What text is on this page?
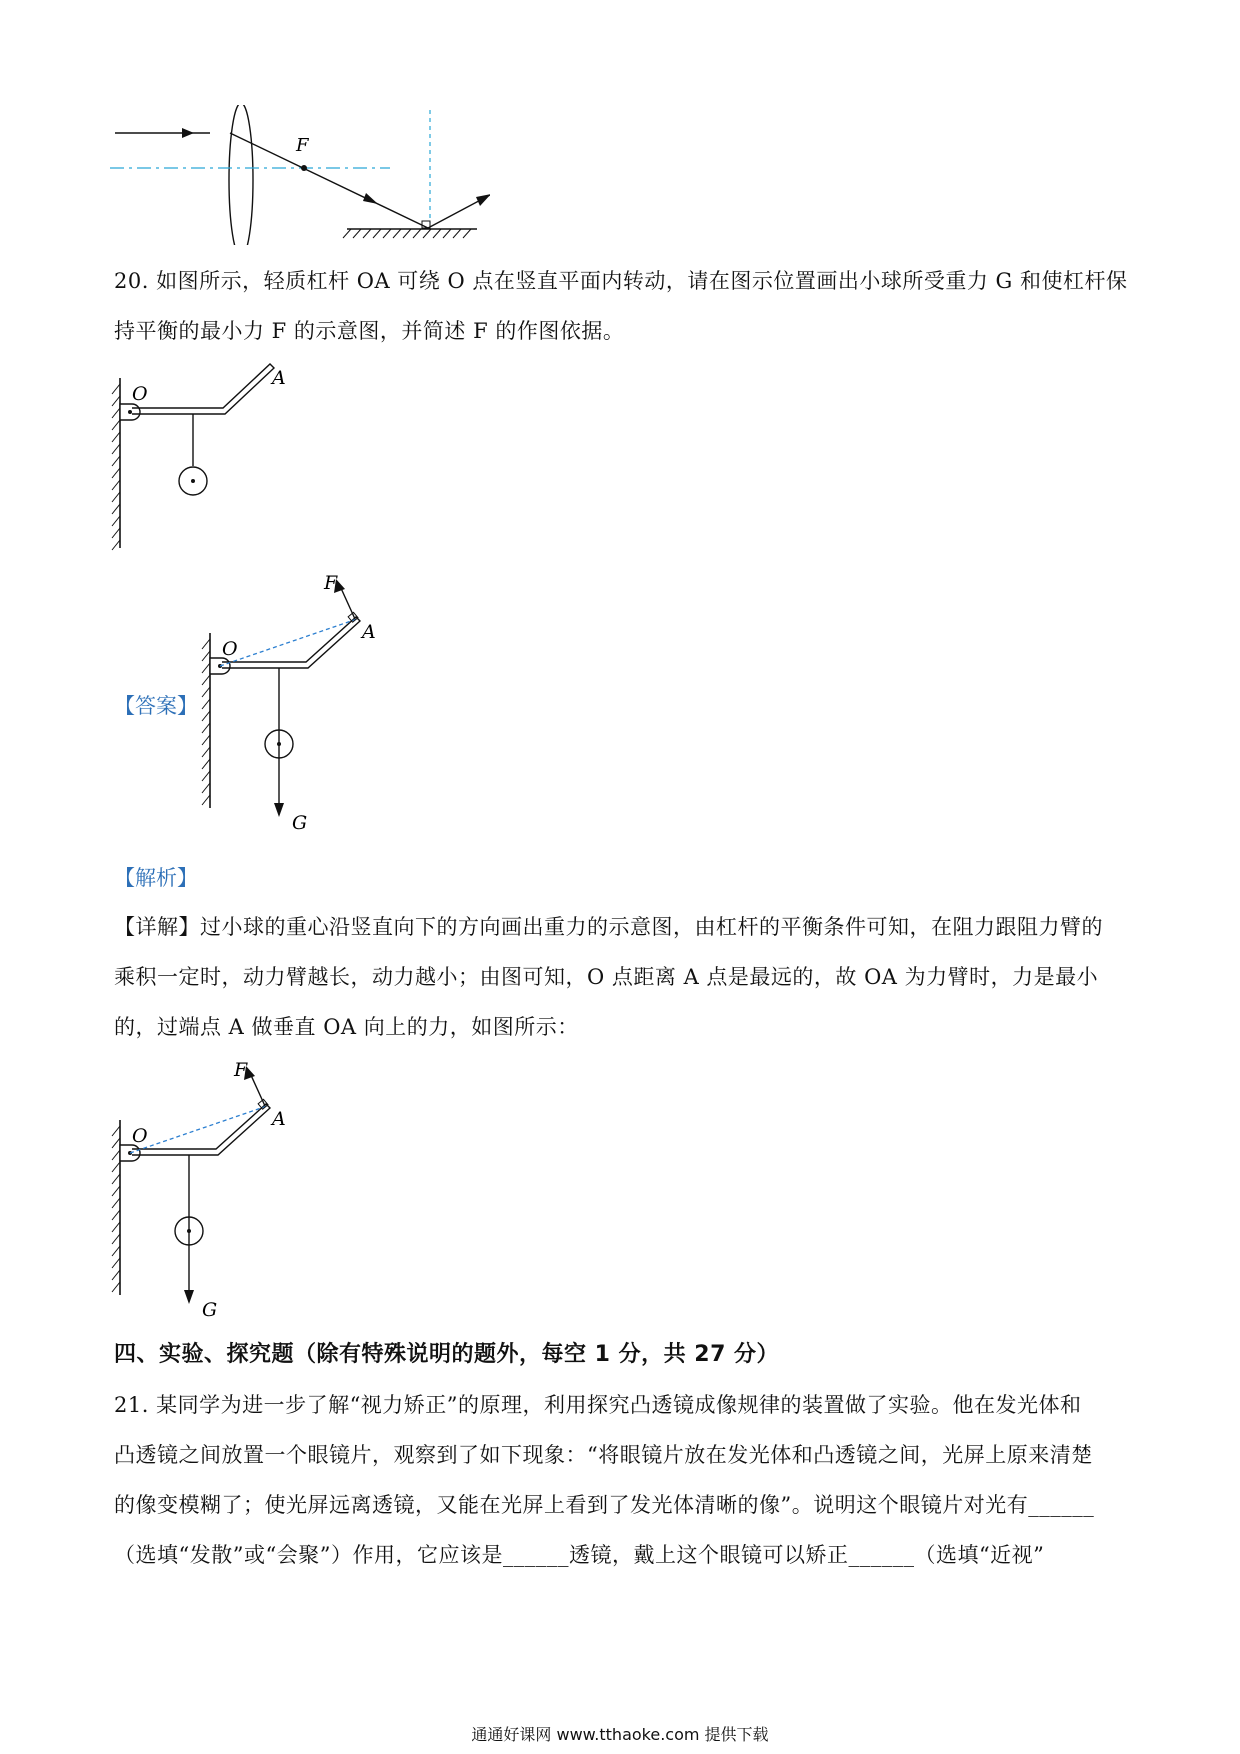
F
20. 如图所示，轻质杠杆 OA 可绕 O 点在竖直平面内转动，请在图示位置画出小球所受重力 G 和使杠杆保
持平衡的最小力 F 的示意图，并简述 F 的作图依据。
O
A
【答案】
O
A
F
G
【解析】
【详解】过小球的重心沿竖直向下的方向画出重力的示意图，由杠杆的平衡条件可知，在阻力跟阻力臂的
乘积一定时，动力臂越长，动力越小；由图可知，O 点距离 A 点是最远的，故 OA 为力臂时，力是最小
的，过端点 A 做垂直 OA 向上的力，如图所示：
O
A
F
G
四、实验、探究题（除有特殊说明的题外，每空 1 分，共 27 分）
21. 某同学为进一步了解“视力矫正”的原理，利用探究凸透镜成像规律的装置做了实验。他在发光体和
凸透镜之间放置一个眼镜片，观察到了如下现象：“将眼镜片放在发光体和凸透镜之间，光屏上原来清楚
的像变模糊了；使光屏远离透镜，又能在光屏上看到了发光体清晰的像”。说明这个眼镜片对光有______
（选填“发散”或“会聚”）作用，它应该是______透镜，戴上这个眼镜可以矫正______（选填“近视”
通通好课网 www.tthaoke.com 提供下载
